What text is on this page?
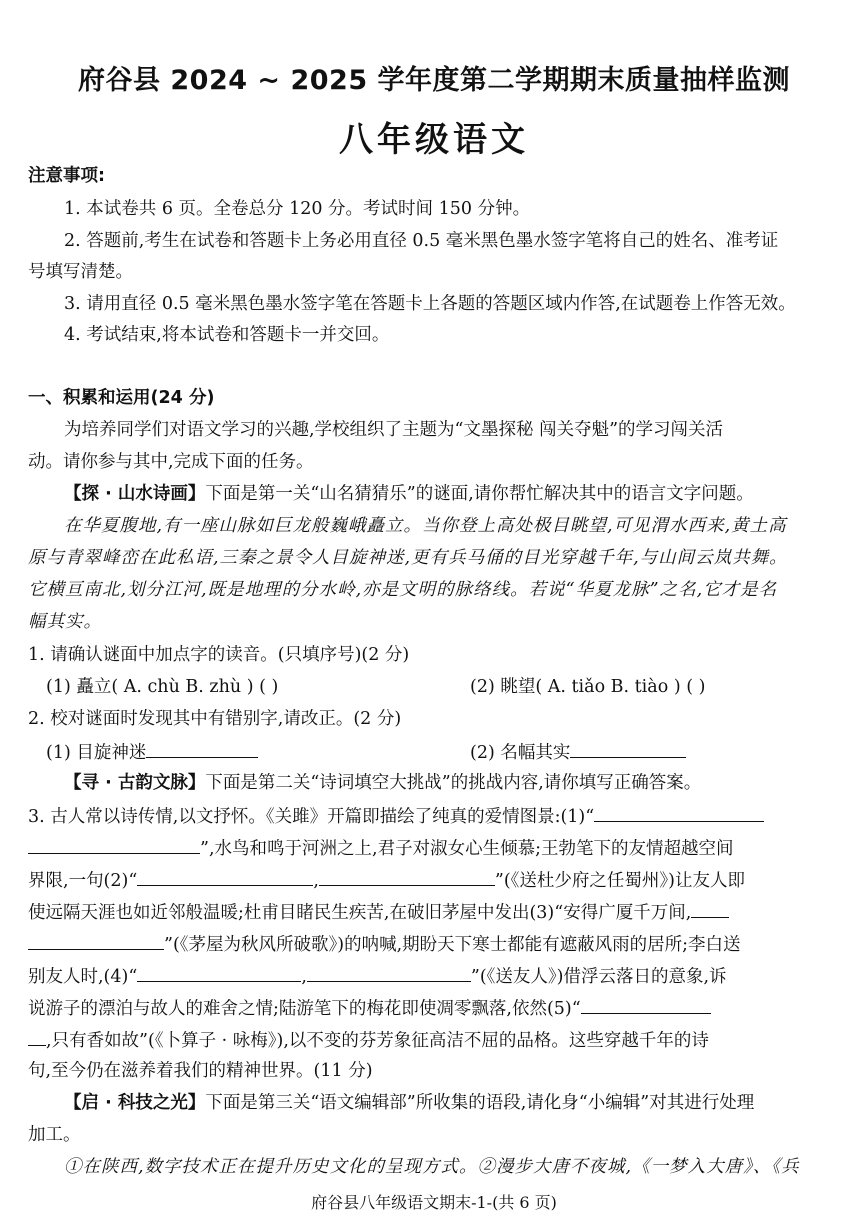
府谷县 2024 ~ 2025 学年度第二学期期末质量抽样监测
八年级语文
注意事项:
1. 本试卷共 6 页。全卷总分 120 分。考试时间 150 分钟。
2. 答题前,考生在试卷和答题卡上务必用直径 0.5 毫米黑色墨水签字笔将自己的姓名、准考证
号填写清楚。
3. 请用直径 0.5 毫米黑色墨水签字笔在答题卡上各题的答题区域内作答,在试题卷上作答无效。
4. 考试结束,将本试卷和答题卡一并交回。
一、积累和运用(24 分)
为培养同学们对语文学习的兴趣,学校组织了主题为“文墨探秘 闯关夺魁”的学习闯关活
动。请你参与其中,完成下面的任务。
【探 · 山水诗画】下面是第一关“山名猜猜乐”的谜面,请你帮忙解决其中的语言文字问题。
在华夏腹地,有一座山脉如巨龙般巍峨矗立。当你登上高处极目眺望,可见渭水西来,黄土高
原与青翠峰峦在此私语,三秦之景令人目旋神迷,更有兵马俑的目光穿越千年,与山间云岚共舞。
它横亘南北,划分江河,既是地理的分水岭,亦是文明的脉络线。若说“华夏龙脉”之名,它才是名
幅其实。
1. 请确认谜面中加点字的读音。(只填序号)(2 分)
(1) 矗立( A. chù B. zhù ) ( )	(2) 眺望( A. tiǎo B. tiào ) ( )
2. 校对谜面时发现其中有错别字,请改正。(2 分)
(1) 目旋神迷	(2) 名幅其实
【寻 · 古韵文脉】下面是第二关“诗词填空大挑战”的挑战内容,请你填写正确答案。
3. 古人常以诗传情,以文抒怀。《关雎》开篇即描绘了纯真的爱情图景:(1)“
”,水鸟和鸣于河洲之上,君子对淑女心生倾慕;王勃笔下的友情超越空间
界限,一句(2)“	,	”(《送杜少府之任蜀州》)让友人即
使远隔天涯也如近邻般温暖;杜甫目睹民生疾苦,在破旧茅屋中发出(3)“安得广厦千万间,
”(《茅屋为秋风所破歌》)的呐喊,期盼天下寒士都能有遮蔽风雨的居所;李白送
别友人时,(4)“	,	”(《送友人》)借浮云落日的意象,诉
说游子的漂泊与故人的难舍之情;陆游笔下的梅花即使凋零飘落,依然(5)“
,只有香如故”(《卜算子 · 咏梅》),以不变的芬芳象征高洁不屈的品格。这些穿越千年的诗
句,至今仍在滋养着我们的精神世界。(11 分)
【启 · 科技之光】下面是第三关“语文编辑部”所收集的语段,请化身“小编辑”对其进行处理
加工。
①在陕西,数字技术正在提升历史文化的呈现方式。②漫步大唐不夜城,《一梦入大唐》、《兵
府谷县八年级语文期末-1-(共 6 页)
